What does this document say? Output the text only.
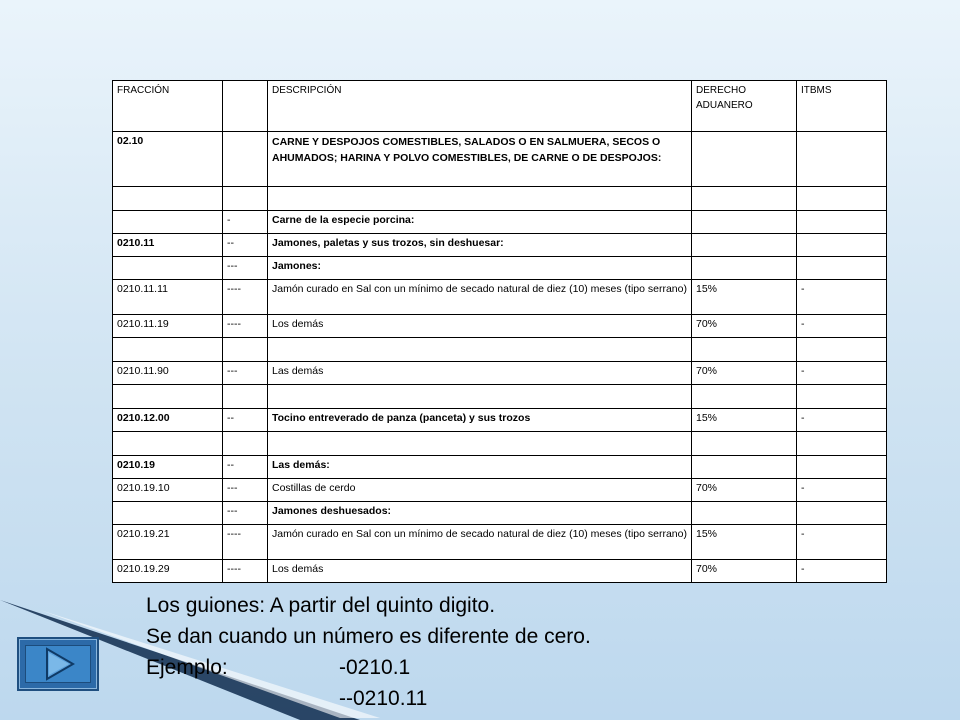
FRACCIÓN		DESCRIPCIÓN	DERECHO ADUANERO	ITBMS
02.10		CARNE Y DESPOJOS COMESTIBLES, SALADOS O EN SALMUERA, SECOS O AHUMADOS; HARINA Y POLVO COMESTIBLES, DE CARNE O DE DESPOJOS:		

	-	Carne de la especie porcina:		
0210.11	--	Jamones, paletas y sus trozos, sin deshuesar:		
	---	Jamones:		
0210.11.11	----	Jamón curado en Sal con un mínimo de secado natural de diez (10) meses (tipo serrano)	15%	-
0210.11.19	----	Los demás	70%	-

0210.11.90	---	Las demás	70%	-

0210.12.00	--	Tocino entreverado de panza (panceta) y sus trozos	15%	-

0210.19	--	Las demás:		
0210.19.10	---	Costillas de cerdo	70%	-
	---	Jamones deshuesados:		
0210.19.21	----	Jamón curado en Sal con un mínimo de secado natural de diez (10) meses (tipo serrano)	15%	-
0210.19.29	----	Los demás	70%	-
Los guiones: A partir del quinto digito.
Se dan cuando un número es diferente de cero.
Ejemplo:	-0210.1

--0210.11
